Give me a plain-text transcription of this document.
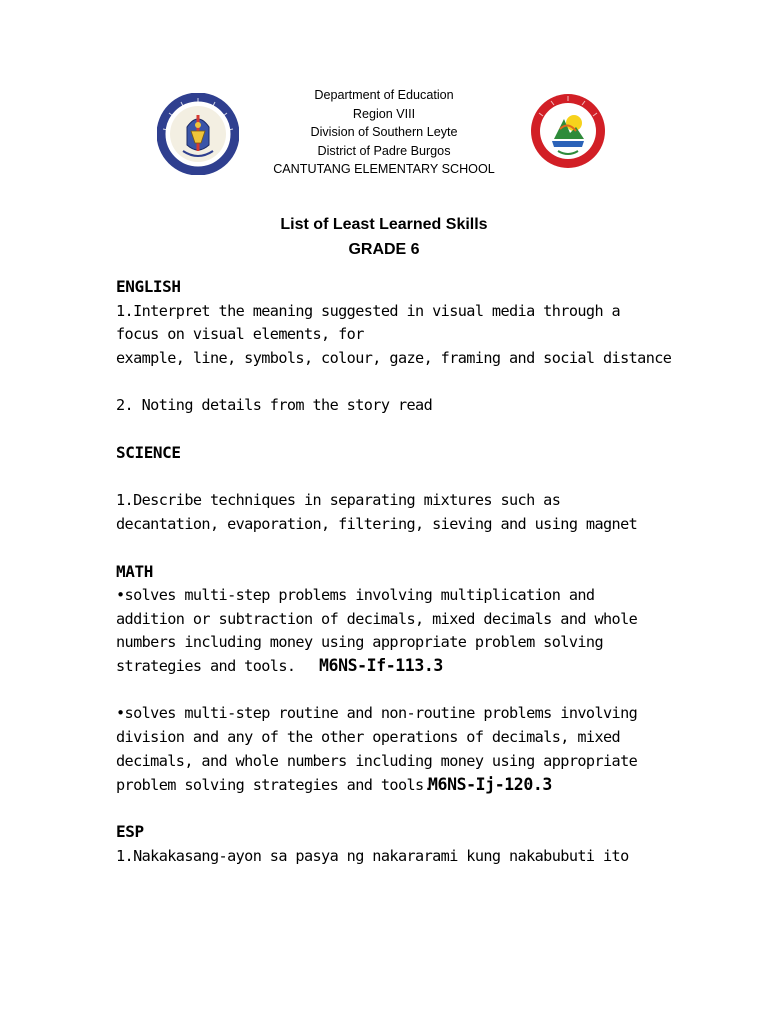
Department of Education
Region VIII
Division of Southern Leyte
District of Padre Burgos
CANTUTANG ELEMENTARY SCHOOL
List of Least Learned Skills
GRADE 6
ENGLISH
1.Interpret the meaning suggested in visual media through a
focus on visual elements, for
example, line, symbols, colour, gaze, framing and social distance
2. Noting details from the story read
SCIENCE
1.Describe techniques in separating mixtures such as
decantation, evaporation, filtering, sieving and using magnet
MATH
•solves multi-step problems involving multiplication and
addition or subtraction of decimals, mixed decimals and whole
numbers including money using appropriate problem solving
strategies and tools. M6NS-If-113.3
•solves multi-step routine and non-routine problems involving
division and any of the other operations of decimals, mixed
decimals, and whole numbers including money using appropriate
problem solving strategies and tools.
M6NS-Ij-120.3
ESP
1.Nakakasang-ayon sa pasya ng nakararami kung nakabubuti ito
